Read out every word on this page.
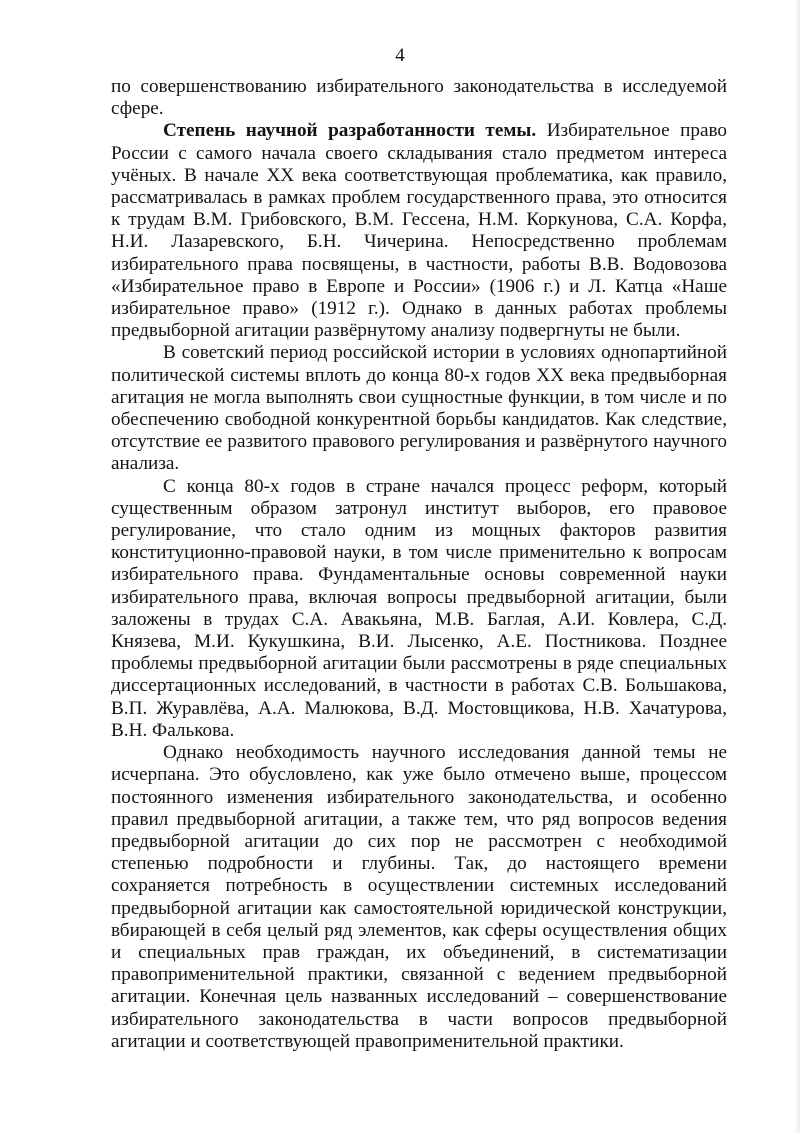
4

по совершенствованию избирательного законодательства в исследуемой сфере.

Степень научной разработанности темы. Избирательное право России с самого начала своего складывания стало предметом интереса учёных. В начале XX века соответствующая проблематика, как правило, рассматривалась в рамках проблем государственного права, это относится к трудам В.М. Грибовского, В.М. Гессена, Н.М. Коркунова, С.А. Корфа, Н.И. Лазаревского, Б.Н. Чичерина. Непосредственно проблемам избирательного права посвящены, в частности, работы В.В. Водовозова «Избирательное право в Европе и России» (1906 г.) и Л. Катца «Наше избирательное право» (1912 г.). Однако в данных работах проблемы предвыборной агитации развёрнутому анализу подвергнуты не были.

В советский период российской истории в условиях однопартийной политической системы вплоть до конца 80-х годов XX века предвыборная агитация не могла выполнять свои сущностные функции, в том числе и по обеспечению свободной конкурентной борьбы кандидатов. Как следствие, отсутствие ее развитого правового регулирования и развёрнутого научного анализа.

С конца 80-х годов в стране начался процесс реформ, который существенным образом затронул институт выборов, его правовое регулирование, что стало одним из мощных факторов развития конституционно-правовой науки, в том числе применительно к вопросам избирательного права. Фундаментальные основы современной науки избирательного права, включая вопросы предвыборной агитации, были заложены в трудах С.А. Авакьяна, М.В. Баглая, А.И. Ковлера, С.Д. Князева, М.И. Кукушкина, В.И. Лысенко, А.Е. Постникова. Позднее проблемы предвыборной агитации были рассмотрены в ряде специальных диссертационных исследований, в частности в работах С.В. Большакова, В.П. Журавлёва, А.А. Малюкова, В.Д. Мостовщикова, Н.В. Хачатурова, В.Н. Фалькова.

Однако необходимость научного исследования данной темы не исчерпана. Это обусловлено, как уже было отмечено выше, процессом постоянного изменения избирательного законодательства, и особенно правил предвыборной агитации, а также тем, что ряд вопросов ведения предвыборной агитации до сих пор не рассмотрен с необходимой степенью подробности и глубины. Так, до настоящего времени сохраняется потребность в осуществлении системных исследований предвыборной агитации как самостоятельной юридической конструкции, вбирающей в себя целый ряд элементов, как сферы осуществления общих и специальных прав граждан, их объединений, в систематизации правоприменительной практики, связанной с ведением предвыборной агитации. Конечная цель названных исследований – совершенствование избирательного законодательства в части вопросов предвыборной агитации и соответствующей правоприменительной практики.
